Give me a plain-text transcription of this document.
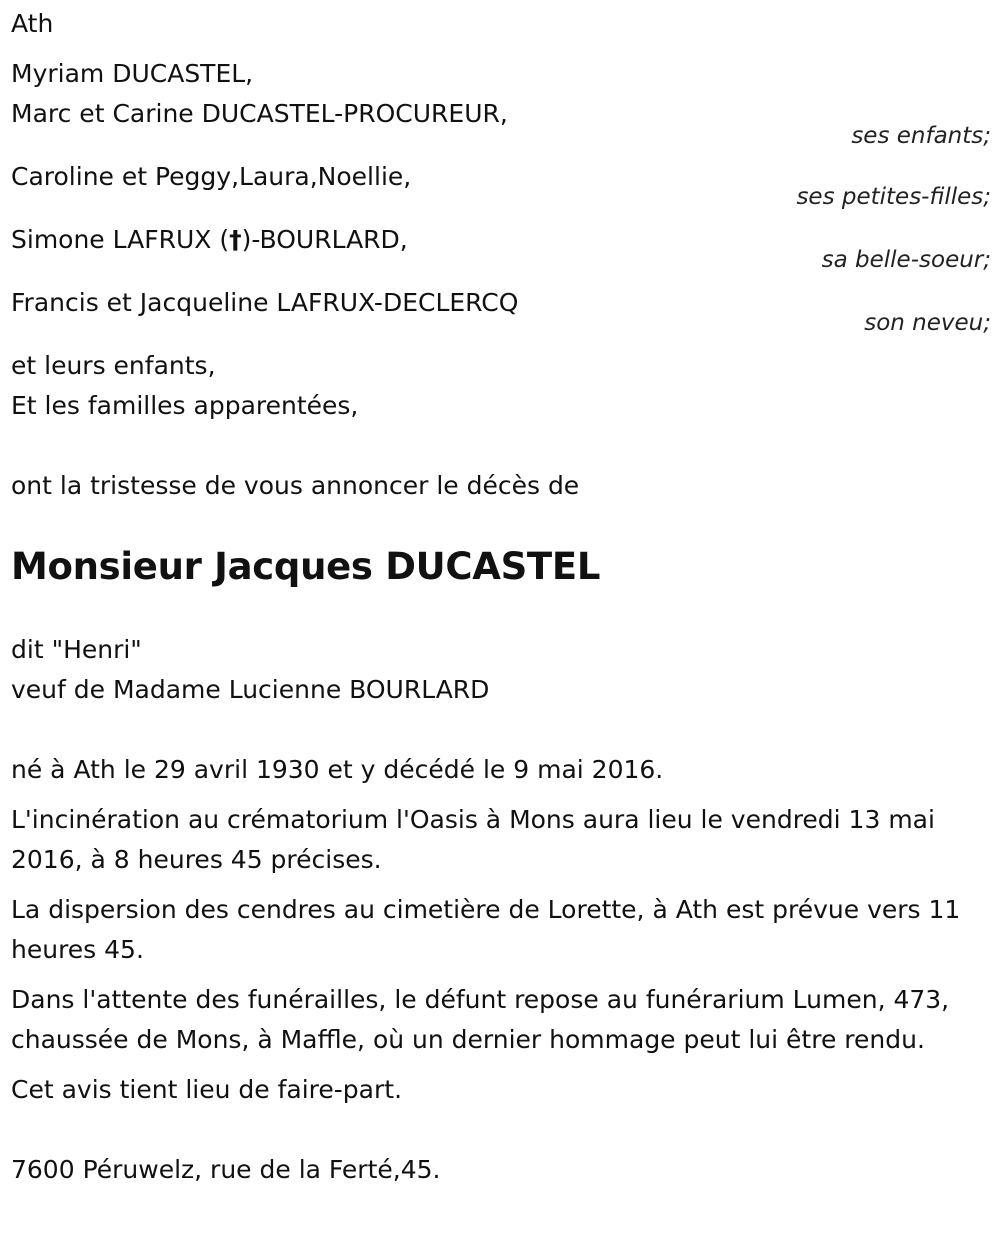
Ath
Myriam DUCASTEL,
Marc et Carine DUCASTEL-PROCUREUR,
ses enfants;
Caroline et Peggy,Laura,Noellie,
ses petites-filles;
Simone LAFRUX (†)-BOURLARD,
sa belle-soeur;
Francis et Jacqueline LAFRUX-DECLERCQ
son neveu;
et leurs enfants,
Et les familles apparentées,
ont la tristesse de vous annoncer le décès de
Monsieur Jacques DUCASTEL
dit "Henri"
veuf de Madame Lucienne BOURLARD
né à Ath le 29 avril 1930 et y décédé le 9 mai 2016.
L'incinération au crématorium l'Oasis à Mons aura lieu le vendredi 13 mai 2016, à 8 heures 45 précises.
La dispersion des cendres au cimetière de Lorette, à Ath est prévue vers 11 heures 45.
Dans l'attente des funérailles, le défunt repose au funérarium Lumen, 473, chaussée de Mons, à Maffle, où un dernier hommage peut lui être rendu.
Cet avis tient lieu de faire-part.
7600 Péruwelz, rue de la Ferté,45.
